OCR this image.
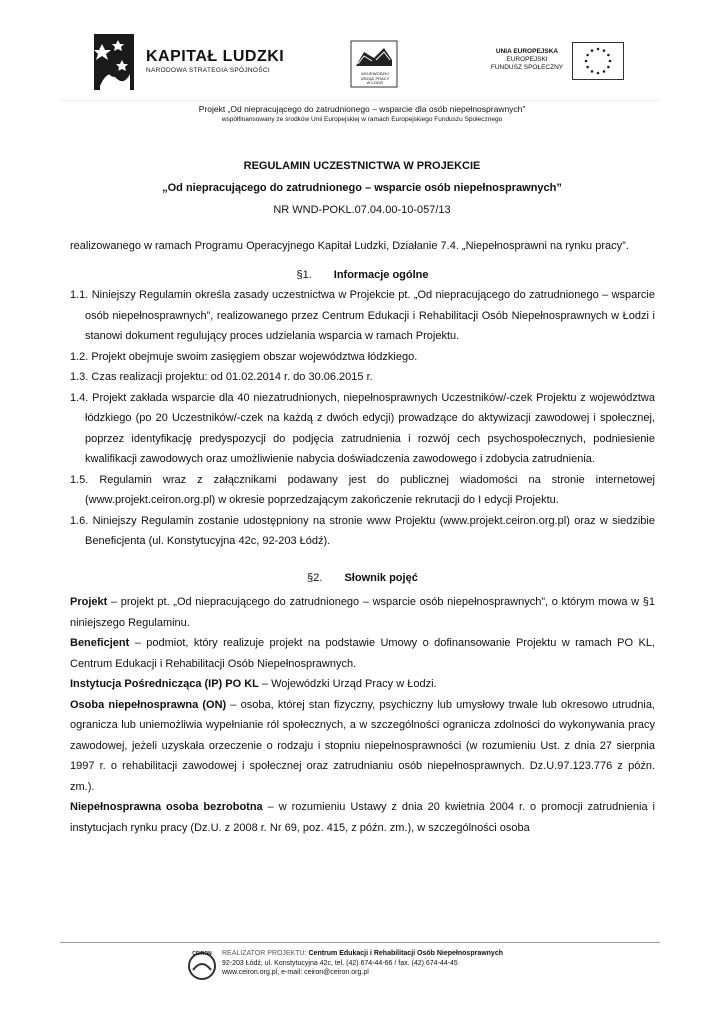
KAPITAŁ LUDZKI
NARODOWA STRATEGIA SPÓJNOŚCI	WOJEWÓDZKI
URZĄD PRACY
W ŁODZI
UNIA EUROPEJSKA
EUROPEJSKI
FUNDUSZ SPOŁECZNY
Projekt „Od niepracującego do zatrudnionego – wsparcie dla osób niepełnosprawnych”
współfinansowany ze środków Unii Europejskiej w ramach Europejskiego Funduszu Społecznego
REGULAMIN UCZESTNICTWA W PROJEKCIE
„Od niepracującego do zatrudnionego – wsparcie osób niepełnosprawnych”
NR WND-POKL.07.04.00-10-057/13

realizowanego w ramach Programu Operacyjnego Kapitał Ludzki, Działanie 7.4. „Niepełnosprawni na rynku pracy”.

§1. Informacje ogólne

1.1. Niniejszy Regulamin określa zasady uczestnictwa w Projekcie pt. „Od niepracującego do zatrudnionego – wsparcie osób niepełnosprawnych”, realizowanego przez Centrum Edukacji i Rehabilitacji Osób Niepełnosprawnych w Łodzi i stanowi dokument regulujący proces udzielania wsparcia w ramach Projektu.

1.2. Projekt obejmuje swoim zasięgiem obszar województwa łódzkiego.

1.3. Czas realizacji projektu: od 01.02.2014 r. do 30.06.2015 r.

1.4. Projekt zakłada wsparcie dla 40 niezatrudnionych, niepełnosprawnych Uczestników/-czek Projektu z województwa łódzkiego (po 20 Uczestników/-czek na każdą z dwóch edycji) prowadzące do aktywizacji zawodowej i społecznej, poprzez identyfikację predyspozycji do podjęcia zatrudnienia i rozwój cech psychospołecznych, podniesienie kwalifikacji zawodowych oraz umożliwienie nabycia doświadczenia zawodowego i zdobycia zatrudnienia.

1.5. Regulamin wraz z załącznikami podawany jest do publicznej wiadomości na stronie internetowej (www.projekt.ceiron.org.pl) w okresie poprzedzającym zakończenie rekrutacji do I edycji Projektu.

1.6. Niniejszy Regulamin zostanie udostępniony na stronie www Projektu (www.projekt.ceiron.org.pl) oraz w siedzibie Beneficjenta (ul. Konstytucyjna 42c, 92-203 Łódź).

§2. Słownik pojęć

Projekt – projekt pt. „Od niepracującego do zatrudnionego – wsparcie osób niepełnosprawnych”, o którym mowa w §1 niniejszego Regulaminu.

Beneficjent – podmiot, który realizuje projekt na podstawie Umowy o dofinansowanie Projektu w ramach PO KL, Centrum Edukacji i Rehabilitacji Osób Niepełnosprawnych.

Instytucja Pośrednicząca (IP) PO KL – Wojewódzki Urząd Pracy w Łodzi.

Osoba niepełnosprawna (ON) – osoba, której stan fizyczny, psychiczny lub umysłowy trwale lub okresowo utrudnia, ogranicza lub uniemożliwia wypełnianie ról społecznych, a w szczególności ogranicza zdolności do wykonywania pracy zawodowej, jeżeli uzyskała orzeczenie o rodzaju i stopniu niepełnosprawności (w rozumieniu Ust. z dnia 27 sierpnia 1997 r. o rehabilitacji zawodowej i społecznej oraz zatrudnianiu osób niepełnosprawnych. Dz.U.97.123.776 z późn. zm.).

Niepełnosprawna osoba bezrobotna – w rozumieniu Ustawy z dnia 20 kwietnia 2004 r. o promocji zatrudnienia i instytucjach rynku pracy (Dz.U. z 2008 r. Nr 69, poz. 415, z późn. zm.), w szczególności osoba

CEIRON REALIZATOR PROJEKTU: Centrum Edukacji i Rehabilitacji Osób Niepełnosprawnych
92-203 Łódź, ul. Konstytucyjna 42c, tel. (42) 674-44-66 / fax. (42) 674-44-45
www.ceiron.org.pl, e-mail: ceiron@ceiron.org.pl
